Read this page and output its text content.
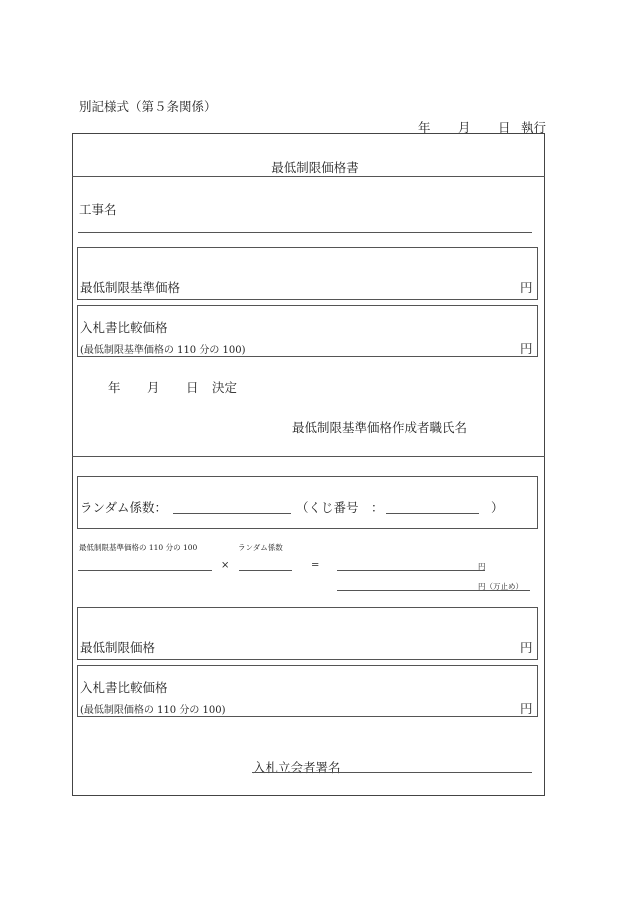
別記様式（第５条関係）
年 月 日 執行
最低制限価格書
工事名
最低制限基準価格	円
入札書比較価格
(最低制限基準価格の 110 分の 100)	円
年 月 日 決定
最低制限基準価格作成者職氏名
ランダム係数：	（くじ番号　：	）
最低制限基準価格の 110 分の 100	ランダム係数
×	=	円
円（万止め）
最低制限価格	円
入札書比較価格
(最低制限価格の 110 分の 100)	円
入札立会者署名
